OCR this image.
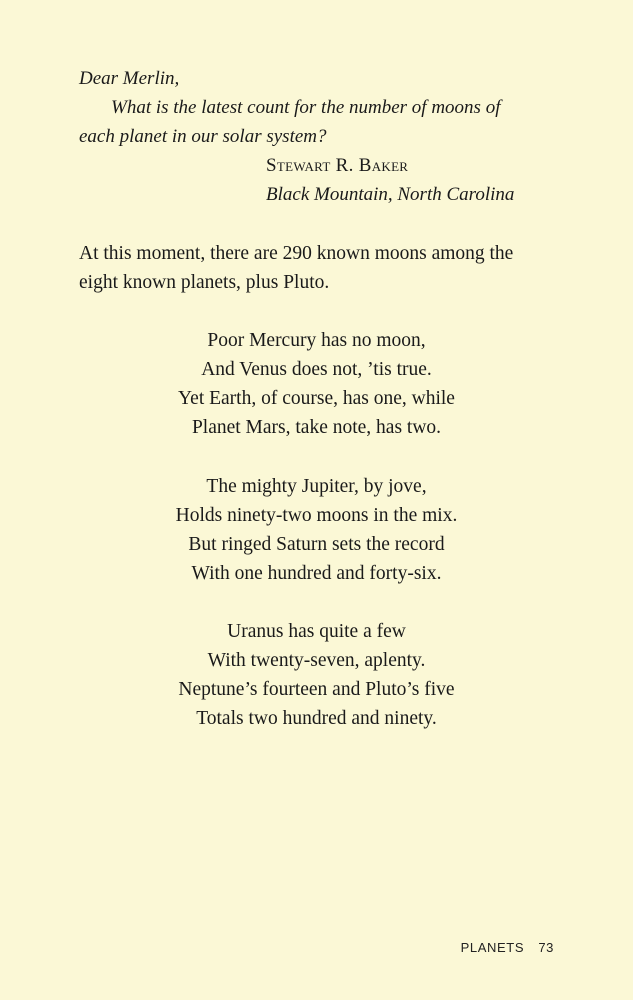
Dear Merlin,

What is the latest count for the number of moons of each planet in our solar system?

Stewart R. Baker
Black Mountain, North Carolina

At this moment, there are 290 known moons among the eight known planets, plus Pluto.

Poor Mercury has no moon,
And Venus does not, ’tis true.
Yet Earth, of course, has one, while
Planet Mars, take note, has two.
The mighty Jupiter, by jove,
Holds ninety-two moons in the mix.
But ringed Saturn sets the record
With one hundred and forty-six.
Uranus has quite a few
With twenty-seven, aplenty.
Neptune’s fourteen and Pluto’s five
Totals two hundred and ninety.
PLANETS 73
